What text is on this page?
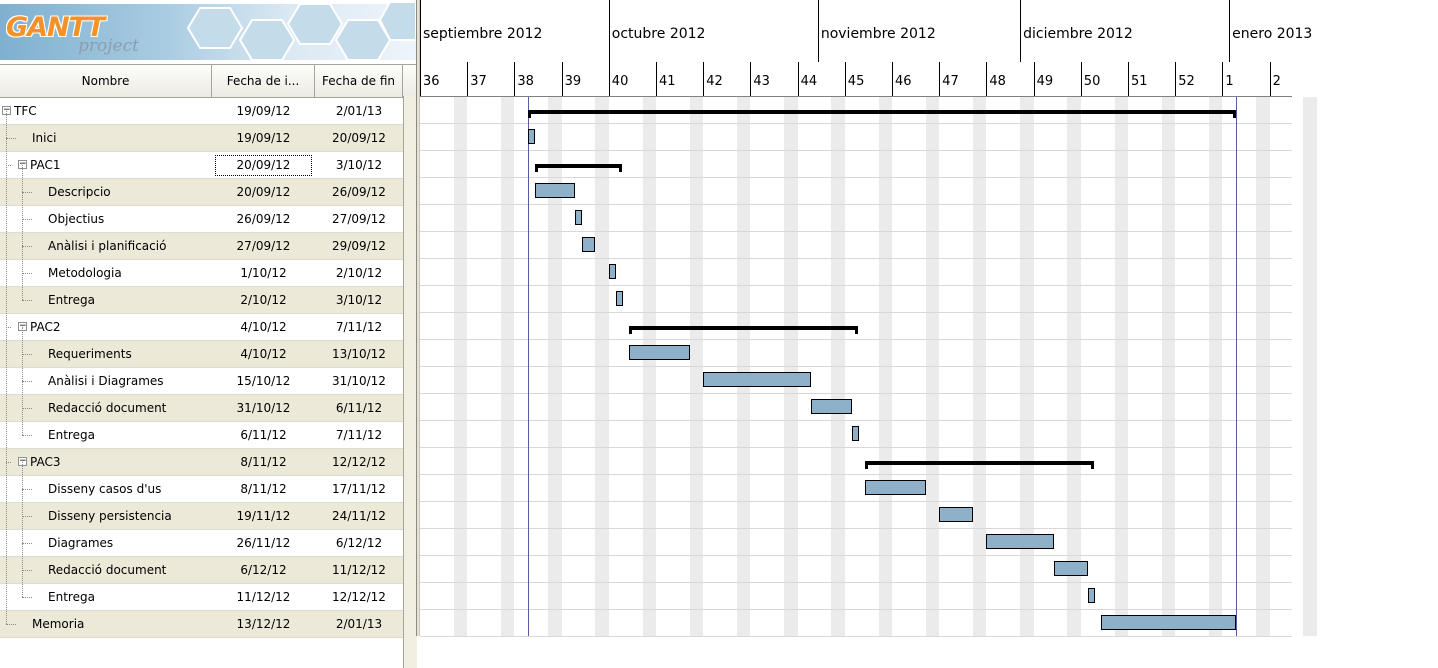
GANTT
project
Nombre	Fecha de i...	Fecha de fin
− TFC	19/09/12	2/01/13
Inici	19/09/12	20/09/12
− PAC1	20/09/12	3/10/12
Descripcio	20/09/12	26/09/12
Objectius	26/09/12	27/09/12
Anàlisi i planificació	27/09/12	29/09/12
Metodologia	1/10/12	2/10/12
Entrega	2/10/12	3/10/12
− PAC2	4/10/12	7/11/12
Requeriments	4/10/12	13/10/12
Anàlisi i Diagrames	15/10/12	31/10/12
Redacció document	31/10/12	6/11/12
Entrega	6/11/12	7/11/12
− PAC3	8/11/12	12/12/12
Disseny casos d'us	8/11/12	17/11/12
Disseny persistencia	19/11/12	24/11/12
Diagrames	26/11/12	6/12/12
Redacció document	6/12/12	11/12/12
Entrega	11/12/12	12/12/12
Memoria	13/12/12	2/01/13
septiembre 2012	octubre 2012	noviembre 2012	diciembre 2012	enero 2013
36 37 38 39 40 41 42 43 44 45 46 47 48 49 50 51 52 1	2
